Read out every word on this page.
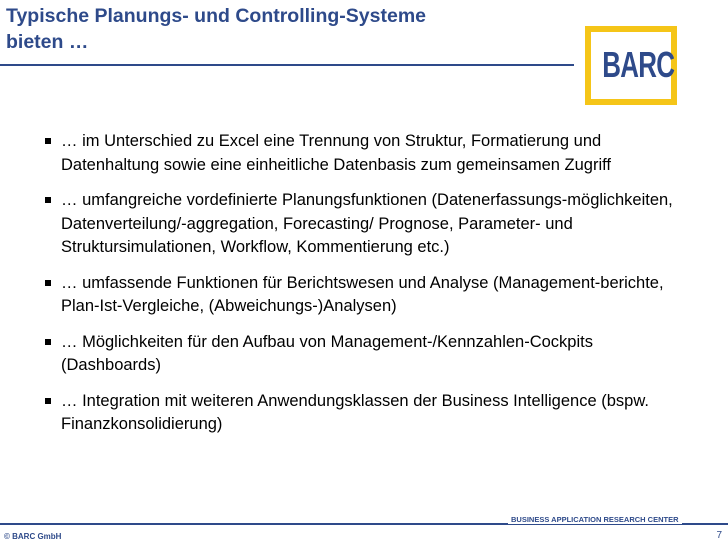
Typische Planungs- und Controlling-Systeme
bieten …
BARC
… im Unterschied zu Excel eine Trennung von Struktur, Formatierung und Datenhaltung sowie eine einheitliche Datenbasis zum gemeinsamen Zugriff
… umfangreiche vordefinierte Planungsfunktionen (Datenerfassungs-möglichkeiten, Datenverteilung/-aggregation, Forecasting/ Prognose, Parameter- und Struktursimulationen, Workflow, Kommentierung etc.)
… umfassende Funktionen für Berichtswesen und Analyse (Management-berichte, Plan-Ist-Vergleiche, (Abweichungs-)Analysen)
… Möglichkeiten für den Aufbau von Management-/Kennzahlen-Cockpits (Dashboards)
… Integration mit weiteren Anwendungsklassen der Business Intelligence (bspw. Finanzkonsolidierung)
BUSINESS APPLICATION RESEARCH CENTER
© BARC GmbH	7
